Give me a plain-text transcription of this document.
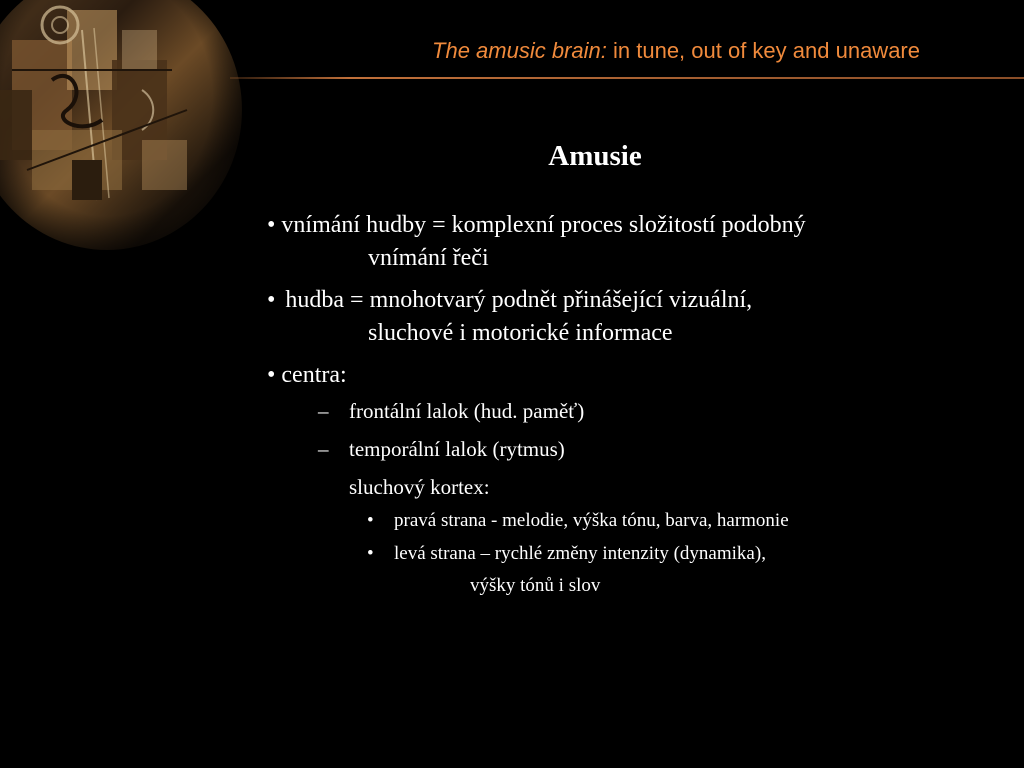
The amusic brain: in tune, out of key and unaware
Amusie
• vnímání hudby = komplexní proces složitostí podobný
vnímání řeči
• hudba = mnohotvarý podnět přinášející vizuální,
sluchové i motorické informace
• centra:
– frontální lalok (hud. paměť)
– temporální lalok (rytmus)
sluchový kortex:
• pravá strana - melodie, výška tónu, barva, harmonie
• levá strana – rychlé změny intenzity (dynamika),
výšky tónů i slov
